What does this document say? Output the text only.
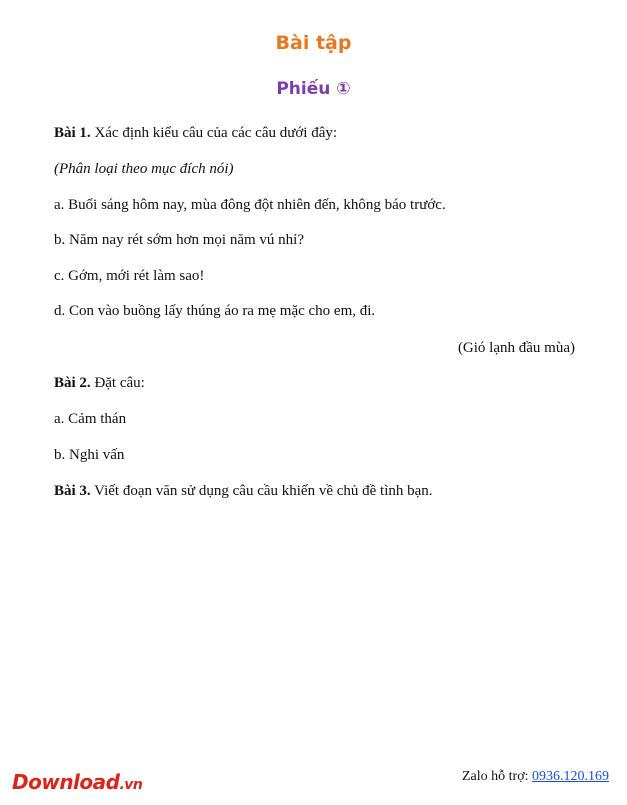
Bài tập
Phiếu ①
Bài 1. Xác định kiểu câu của các câu dưới đây:
(Phân loại theo mục đích nói)
a. Buổi sáng hôm nay, mùa đông đột nhiên đến, không báo trước.
b. Năm nay rét sớm hơn mọi năm vú nhỉ?
c. Gớm, mới rét làm sao!
d. Con vào buồng lấy thúng áo ra mẹ mặc cho em, đi.
(Gió lạnh đầu mùa)
Bài 2. Đặt câu:
a. Cảm thán
b. Nghi vấn
Bài 3. Viết đoạn văn sử dụng câu cầu khiến về chủ đề tình bạn.
Download.vn
Zalo hỗ trợ: 0936.120.169
